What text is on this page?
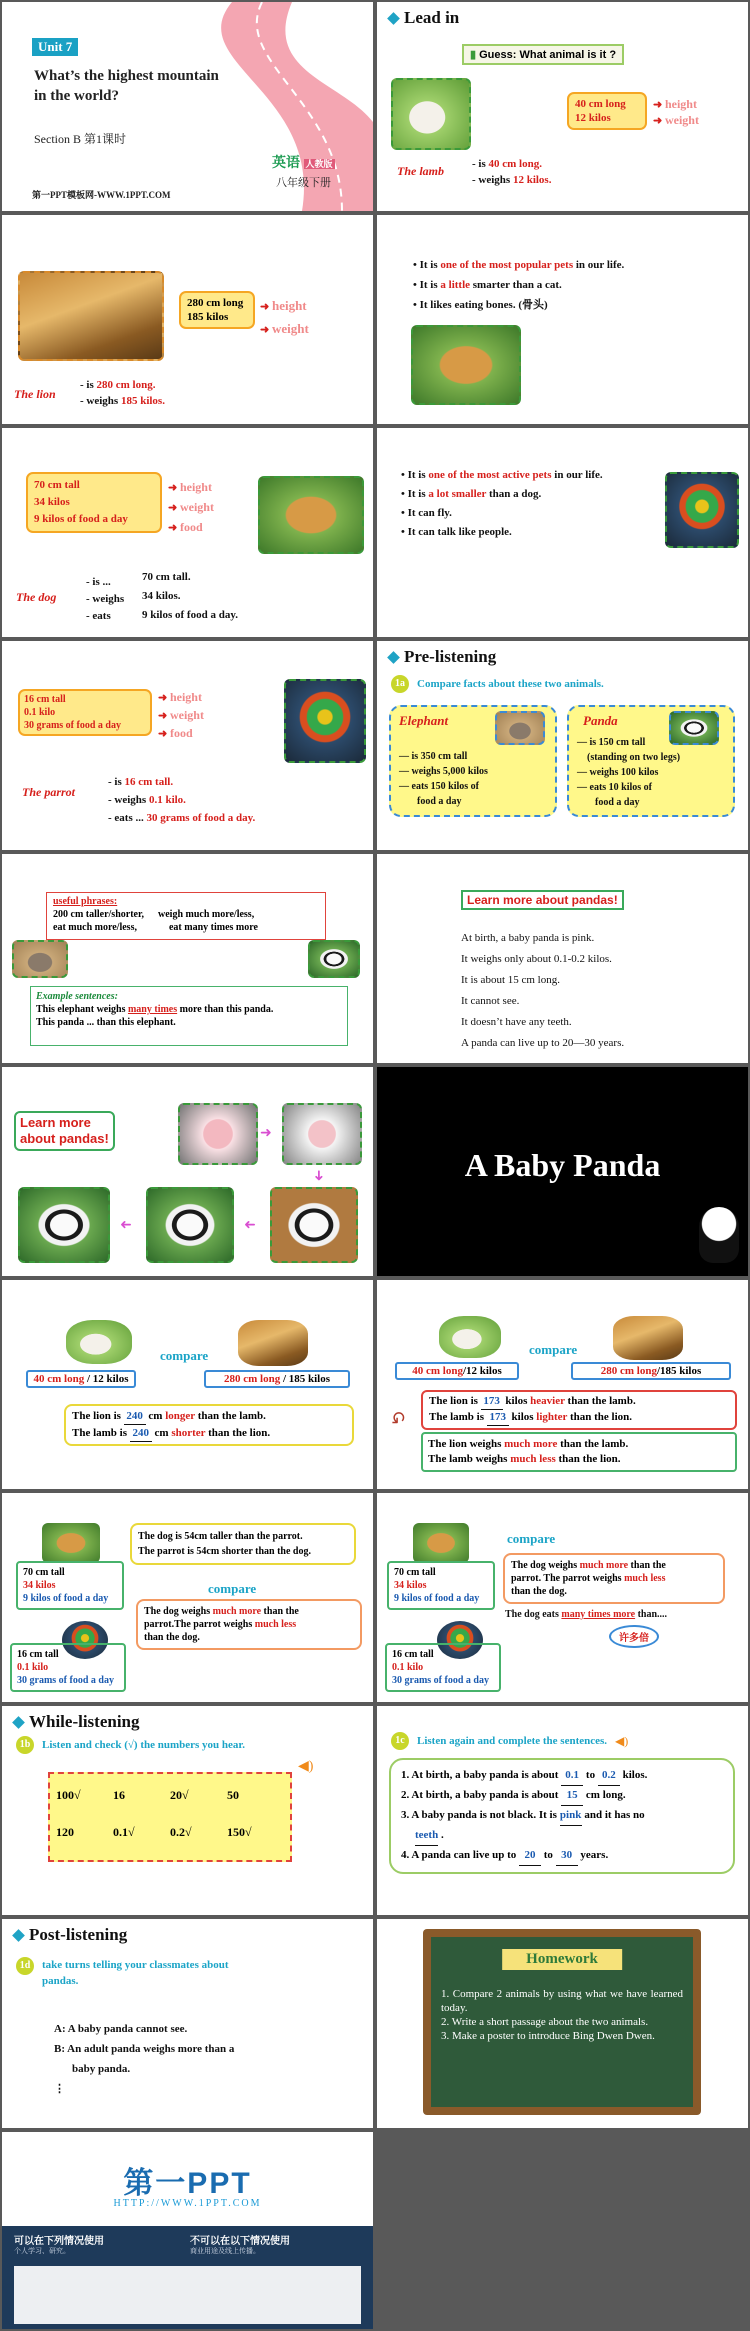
Unit 7
What’s the highest mountain
in the world?
Section B 第1课时
英语 人教版
八年级下册
第一PPT模板网-WWW.1PPT.COM
Lead in
▮ Guess: What animal is it ?
40 cm long
12 kilos
➜ height
➜ weight
The lamb	- is 40 cm long.
- weighs 12 kilos.
280 cm long
185 kilos
➜ height
➜ weight
The lion
- is 280 cm long.
- weighs 185 kilos.
• It is one of the most popular pets in our life.
• It is a little smarter than a cat.
• It likes eating bones. (骨头)
70 cm tall
34 kilos
9 kilos of food a day
➜ height
➜ weight
➜ food
The dog
- is ...
- weighs
- eats
70 cm tall.
34 kilos.
9 kilos of food a day.
• It is one of the most active pets in our life.
• It is a lot smaller than a dog.
• It can fly.
• It can talk like people.
16 cm tall
0.1 kilo
30 grams of food a day
➜ height
➜ weight
➜ food
The parrot
- is 16 cm tall.
- weighs 0.1 kilo.
- eats ... 30 grams of food a day.
Pre-listening
1a	Compare facts about these two animals.
Elephant
— is 350 cm tall
— weighs 5,000 kilos
— eats 150 kilos of
food a day
Panda
— is 150 cm tall
(standing on two legs)
— weighs 100 kilos
— eats 10 kilos of
food a day
useful phrases:
200 cm taller/shorter, weigh much more/less,
eat much more/less,	eat many times more
Example sentences:
This elephant weighs many times more than this panda.
This panda ... than this elephant.
Learn more about pandas!
At birth, a baby panda is pink.
It weighs only about 0.1-0.2 kilos.
It is about 15 cm long.
It cannot see.
It doesn’t have any teeth.
A panda can live up to 20—30 years.
Learn more
about pandas!	➜
➜	➜
➜	A Baby Panda
compare
40 cm long / 12 kilos	280 cm long / 185 kilos
The lion is 240 cm longer than the lamb.
The lamb is 240 cm shorter than the lion.
compare
40 cm long/12 kilos	280 cm long/185 kilos
The lion is 173 kilos heavier than the lamb.
The lamb is 173 kilos lighter than the lion.
↺
The lion weighs much more than the lamb.
The lamb weighs much less than the lion.
70 cm tall
34 kilos
9 kilos of food a day
16 cm tall
0.1 kilo
30 grams of food a day
The dog is 54cm taller than the parrot.
The parrot is 54cm shorter than the dog.
compare
The dog weighs much more than the
parrot.The parrot weighs much less
than the dog.
70 cm tall
34 kilos
9 kilos of food a day
16 cm tall
0.1 kilo
30 grams of food a day
compare
The dog weighs much more than the
parrot. The parrot weighs much less
than the dog.
The dog eats many times more than....
许多倍
While-listening
1b	Listen and check (√) the numbers you hear.
◀)
100√	16	20√	50
120	0.1√	0.2√	150√
1c	Listen again and complete the sentences. ◀)
1. At birth, a baby panda is about 0.1 to 0.2 kilos.
2. At birth, a baby panda is about 15 cm long.
3. A baby panda is not black. It is pink and it has no
teeth .
4. A panda can live up to 20 to 30 years.
Post-listening
1d	take turns telling your classmates about
pandas.
A: A baby panda cannot see.
B: An adult panda weighs more than a
baby panda.
⋮
Homework
1. Compare 2 animals by using what we have learned today.
2. Write a short passage about the two animals.
3. Make a poster to introduce Bing Dwen Dwen.
第一PPT
HTTP://WWW.1PPT.COM
可以在下列情况使用
个人学习、研究。
不可以在以下情况使用
商业用途及线上传播。
